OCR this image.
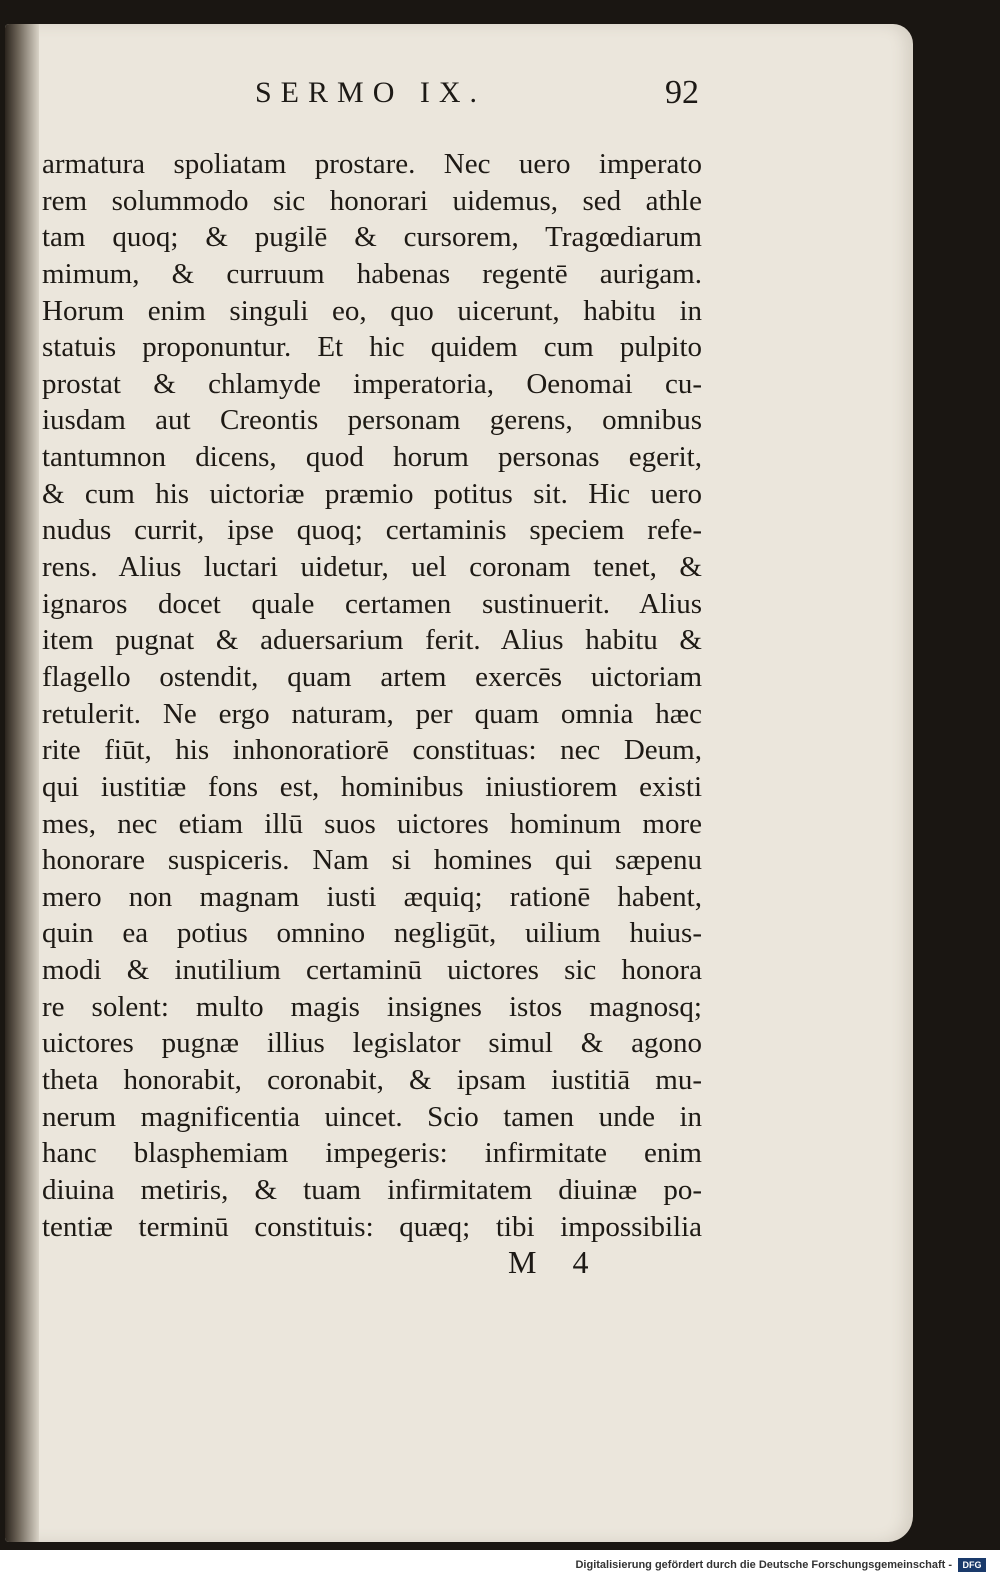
SERMO IX.	92
armatura spoliatam prostare. Nec uero imperato
rem solummodo sic honorari uidemus, sed athle
tam quoq; & pugilē & cursorem, Tragœdiarum
mimum, & curruum habenas regentē aurigam.
Horum enim singuli eo, quo uicerunt, habitu in
statuis proponuntur. Et hic quidem cum pulpito
prostat & chlamyde imperatoria, Oenomai cu-
iusdam aut Creontis personam gerens, omnibus
tantumnon dicens, quod horum personas egerit,
& cum his uictoriæ præmio potitus sit. Hic uero
nudus currit, ipse quoq; certaminis speciem refe-
rens. Alius luctari uidetur, uel coronam tenet, &
ignaros docet quale certamen sustinuerit. Alius
item pugnat & aduersarium ferit. Alius habitu &
flagello ostendit, quam artem exercēs uictoriam
retulerit. Ne ergo naturam, per quam omnia hæc
rite fiūt, his inhonoratiorē constituas: nec Deum,
qui iustitiæ fons est, hominibus iniustiorem existi
mes, nec etiam illū suos uictores hominum more
honorare suspiceris. Nam si homines qui sæpenu
mero non magnam iusti æquiq; rationē habent,
quin ea potius omnino negligūt, uilium huius-
modi & inutilium certaminū uictores sic honora
re solent: multo magis insignes istos magnosq;
uictores pugnæ illius legislator simul & agono
theta honorabit, coronabit, & ipsam iustitiā mu-
nerum magnificentia uincet. Scio tamen unde in
hanc blasphemiam impegeris: infirmitate enim
diuina metiris, & tuam infirmitatem diuinæ po-
tentiæ terminū constituis: quæq; tibi impossibilia
M 4
Digitalisierung gefördert durch die Deutsche Forschungsgemeinschaft -	DFG
